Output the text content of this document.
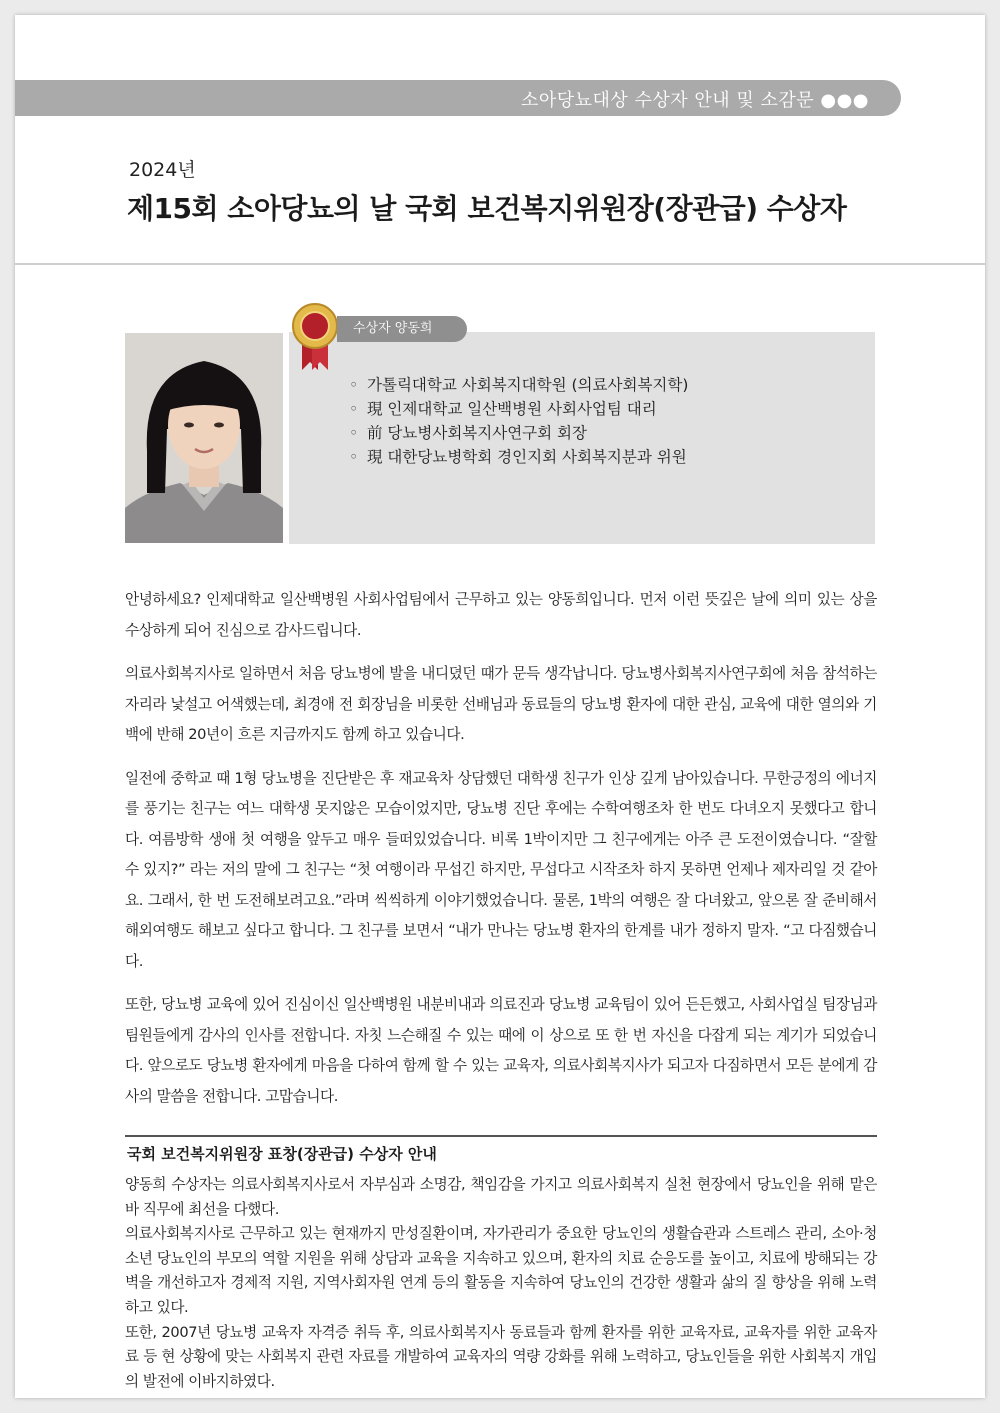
소아당뇨대상 수상자 안내 및 소감문 ●●●
2024년
제15회 소아당뇨의 날 국회 보건복지위원장(장관급) 수상자
수상자 양동희
◦ 가톨릭대학교 사회복지대학원 (의료사회복지학)
◦ 現 인제대학교 일산백병원 사회사업팀 대리
◦ 前 당뇨병사회복지사연구회 회장
◦ 現 대한당뇨병학회 경인지회 사회복지분과 위원

안녕하세요? 인제대학교 일산백병원 사회사업팀에서 근무하고 있는 양동희입니다. 먼저 이런 뜻깊은 날에 의미 있는 상을 수상하게 되어 진심으로 감사드립니다.

의료사회복지사로 일하면서 처음 당뇨병에 발을 내디뎠던 때가 문득 생각납니다. 당뇨병사회복지사연구회에 처음 참석하는 자리라 낯설고 어색했는데, 최경애 전 회장님을 비롯한 선배님과 동료들의 당뇨병 환자에 대한 관심, 교육에 대한 열의와 기백에 반해 20년이 흐른 지금까지도 함께 하고 있습니다.

일전에 중학교 때 1형 당뇨병을 진단받은 후 재교육차 상담했던 대학생 친구가 인상 깊게 남아있습니다. 무한긍정의 에너지를 풍기는 친구는 여느 대학생 못지않은 모습이었지만, 당뇨병 진단 후에는 수학여행조차 한 번도 다녀오지 못했다고 합니다. 여름방학 생애 첫 여행을 앞두고 매우 들떠있었습니다. 비록 1박이지만 그 친구에게는 아주 큰 도전이였습니다. “잘할 수 있지?” 라는 저의 말에 그 친구는 “첫 여행이라 무섭긴 하지만, 무섭다고 시작조차 하지 못하면 언제나 제자리일 것 같아요. 그래서, 한 번 도전해보려고요.”라며 씩씩하게 이야기했었습니다. 물론, 1박의 여행은 잘 다녀왔고, 앞으론 잘 준비해서 해외여행도 해보고 싶다고 합니다. 그 친구를 보면서 “내가 만나는 당뇨병 환자의 한계를 내가 정하지 말자. “고 다짐했습니다.

또한, 당뇨병 교육에 있어 진심이신 일산백병원 내분비내과 의료진과 당뇨병 교육팀이 있어 든든했고, 사회사업실 팀장님과 팀원들에게 감사의 인사를 전합니다. 자칫 느슨해질 수 있는 때에 이 상으로 또 한 번 자신을 다잡게 되는 계기가 되었습니다. 앞으로도 당뇨병 환자에게 마음을 다하여 함께 할 수 있는 교육자, 의료사회복지사가 되고자 다짐하면서 모든 분에게 감사의 말씀을 전합니다. 고맙습니다.

국회 보건복지위원장 표창(장관급) 수상자 안내

양동희 수상자는 의료사회복지사로서 자부심과 소명감, 책임감을 가지고 의료사회복지 실천 현장에서 당뇨인을 위해 맡은 바 직무에 최선을 다했다.

의료사회복지사로 근무하고 있는 현재까지 만성질환이며, 자가관리가 중요한 당뇨인의 생활습관과 스트레스 관리, 소아·청소년 당뇨인의 부모의 역할 지원을 위해 상담과 교육을 지속하고 있으며, 환자의 치료 순응도를 높이고, 치료에 방해되는 강벽을 개선하고자 경제적 지원, 지역사회자원 연계 등의 활동을 지속하여 당뇨인의 건강한 생활과 삶의 질 향상을 위해 노력하고 있다.

또한, 2007년 당뇨병 교육자 자격증 취득 후, 의료사회복지사 동료들과 함께 환자를 위한 교육자료, 교육자를 위한 교육자료 등 현 상황에 맞는 사회복지 관련 자료를 개발하여 교육자의 역량 강화를 위해 노력하고, 당뇨인들을 위한 사회복지 개입의 발전에 이바지하였다.
